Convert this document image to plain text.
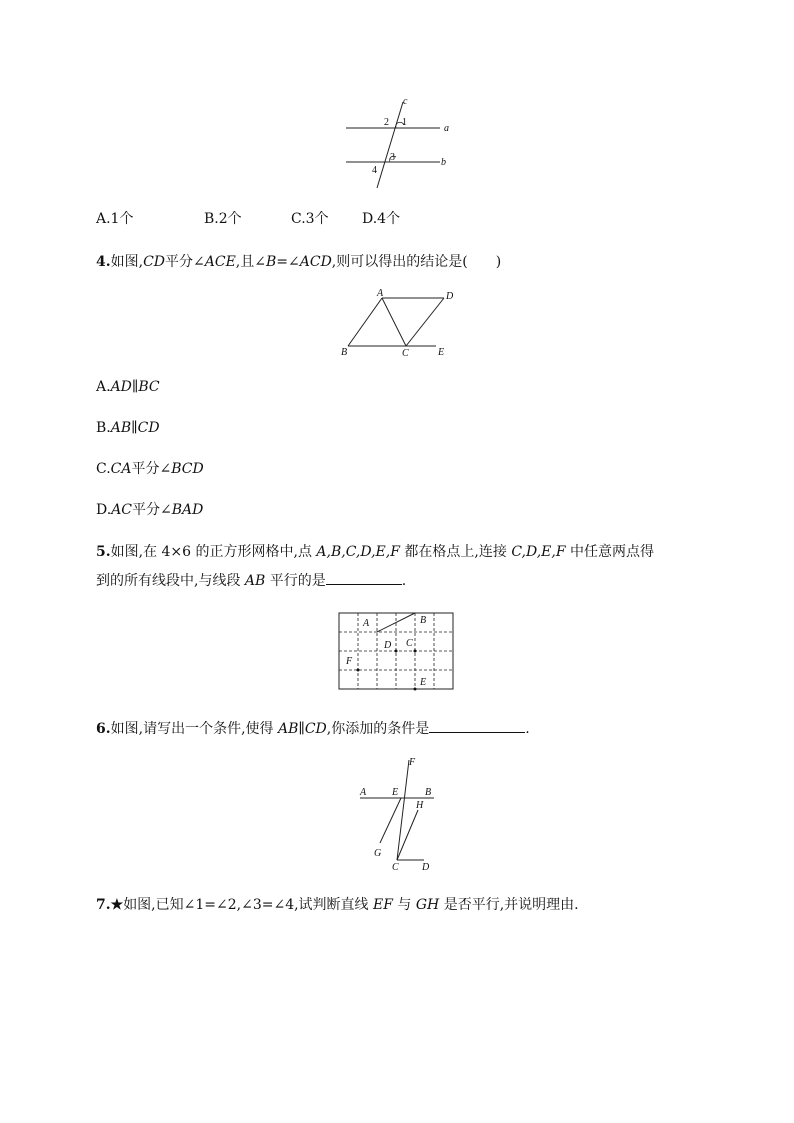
c
a
b
2 1
3
4
A.1个	B.2个	C.3个 D.4个
4.如图,CD平分∠ACE,且∠B=∠ACD,则可以得出的结论是(　　)
A	D
B	C	E
A.AD∥BC
B.AB∥CD
C.CA平分∠BCD
D.AC平分∠BAD
5.如图,在 4×6 的正方形网格中,点 A,B,C,D,E,F 都在格点上,连接 C,D,E,F 中任意两点得
到的所有线段中,与线段 AB 平行的是	.
A	B
D C
F
E
6.如图,请写出一个条件,使得 AB∥CD,你添加的条件是	.
F
A	E	B
H
G
C D
7.★如图,已知∠1=∠2,∠3=∠4,试判断直线 EF 与 GH 是否平行,并说明理由.
